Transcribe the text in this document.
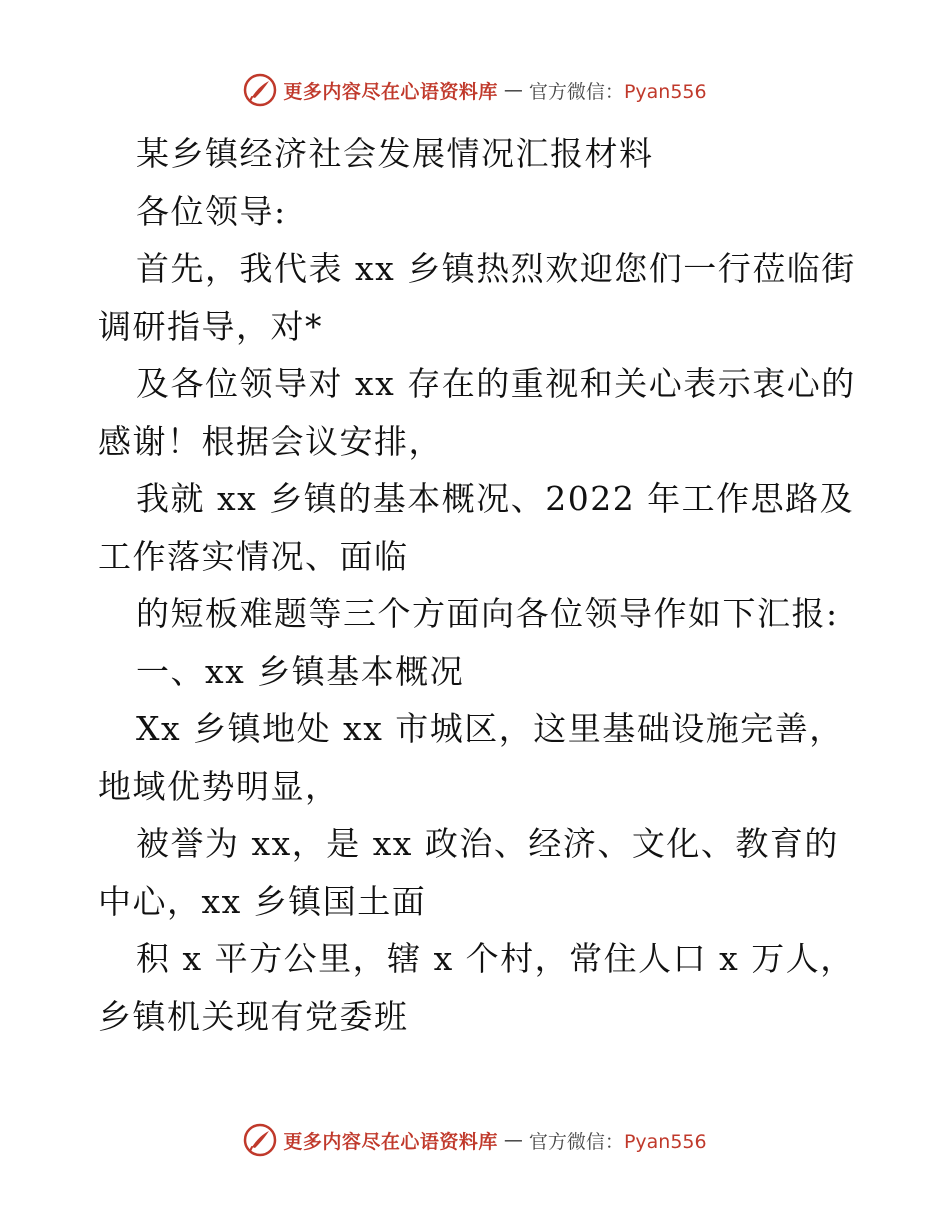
更多内容尽在心语资料库 — 官方微信：Pyan556
某乡镇经济社会发展情况汇报材料
各位领导:
首先，我代表 xx 乡镇热烈欢迎您们一行莅临街
调研指导，对*
及各位领导对 xx 存在的重视和关心表示衷心的
感谢！根据会议安排，
我就 xx 乡镇的基本概况、2022 年工作思路及
工作落实情况、面临
的短板难题等三个方面向各位领导作如下汇报:
一、xx 乡镇基本概况
Xx 乡镇地处 xx 市城区，这里基础设施完善，
地域优势明显，
被誉为 xx，是 xx 政治、经济、文化、教育的
中心，xx 乡镇国土面
积 x 平方公里，辖 x 个村，常住人口 x 万人，
乡镇机关现有党委班
更多内容尽在心语资料库 — 官方微信：Pyan556
